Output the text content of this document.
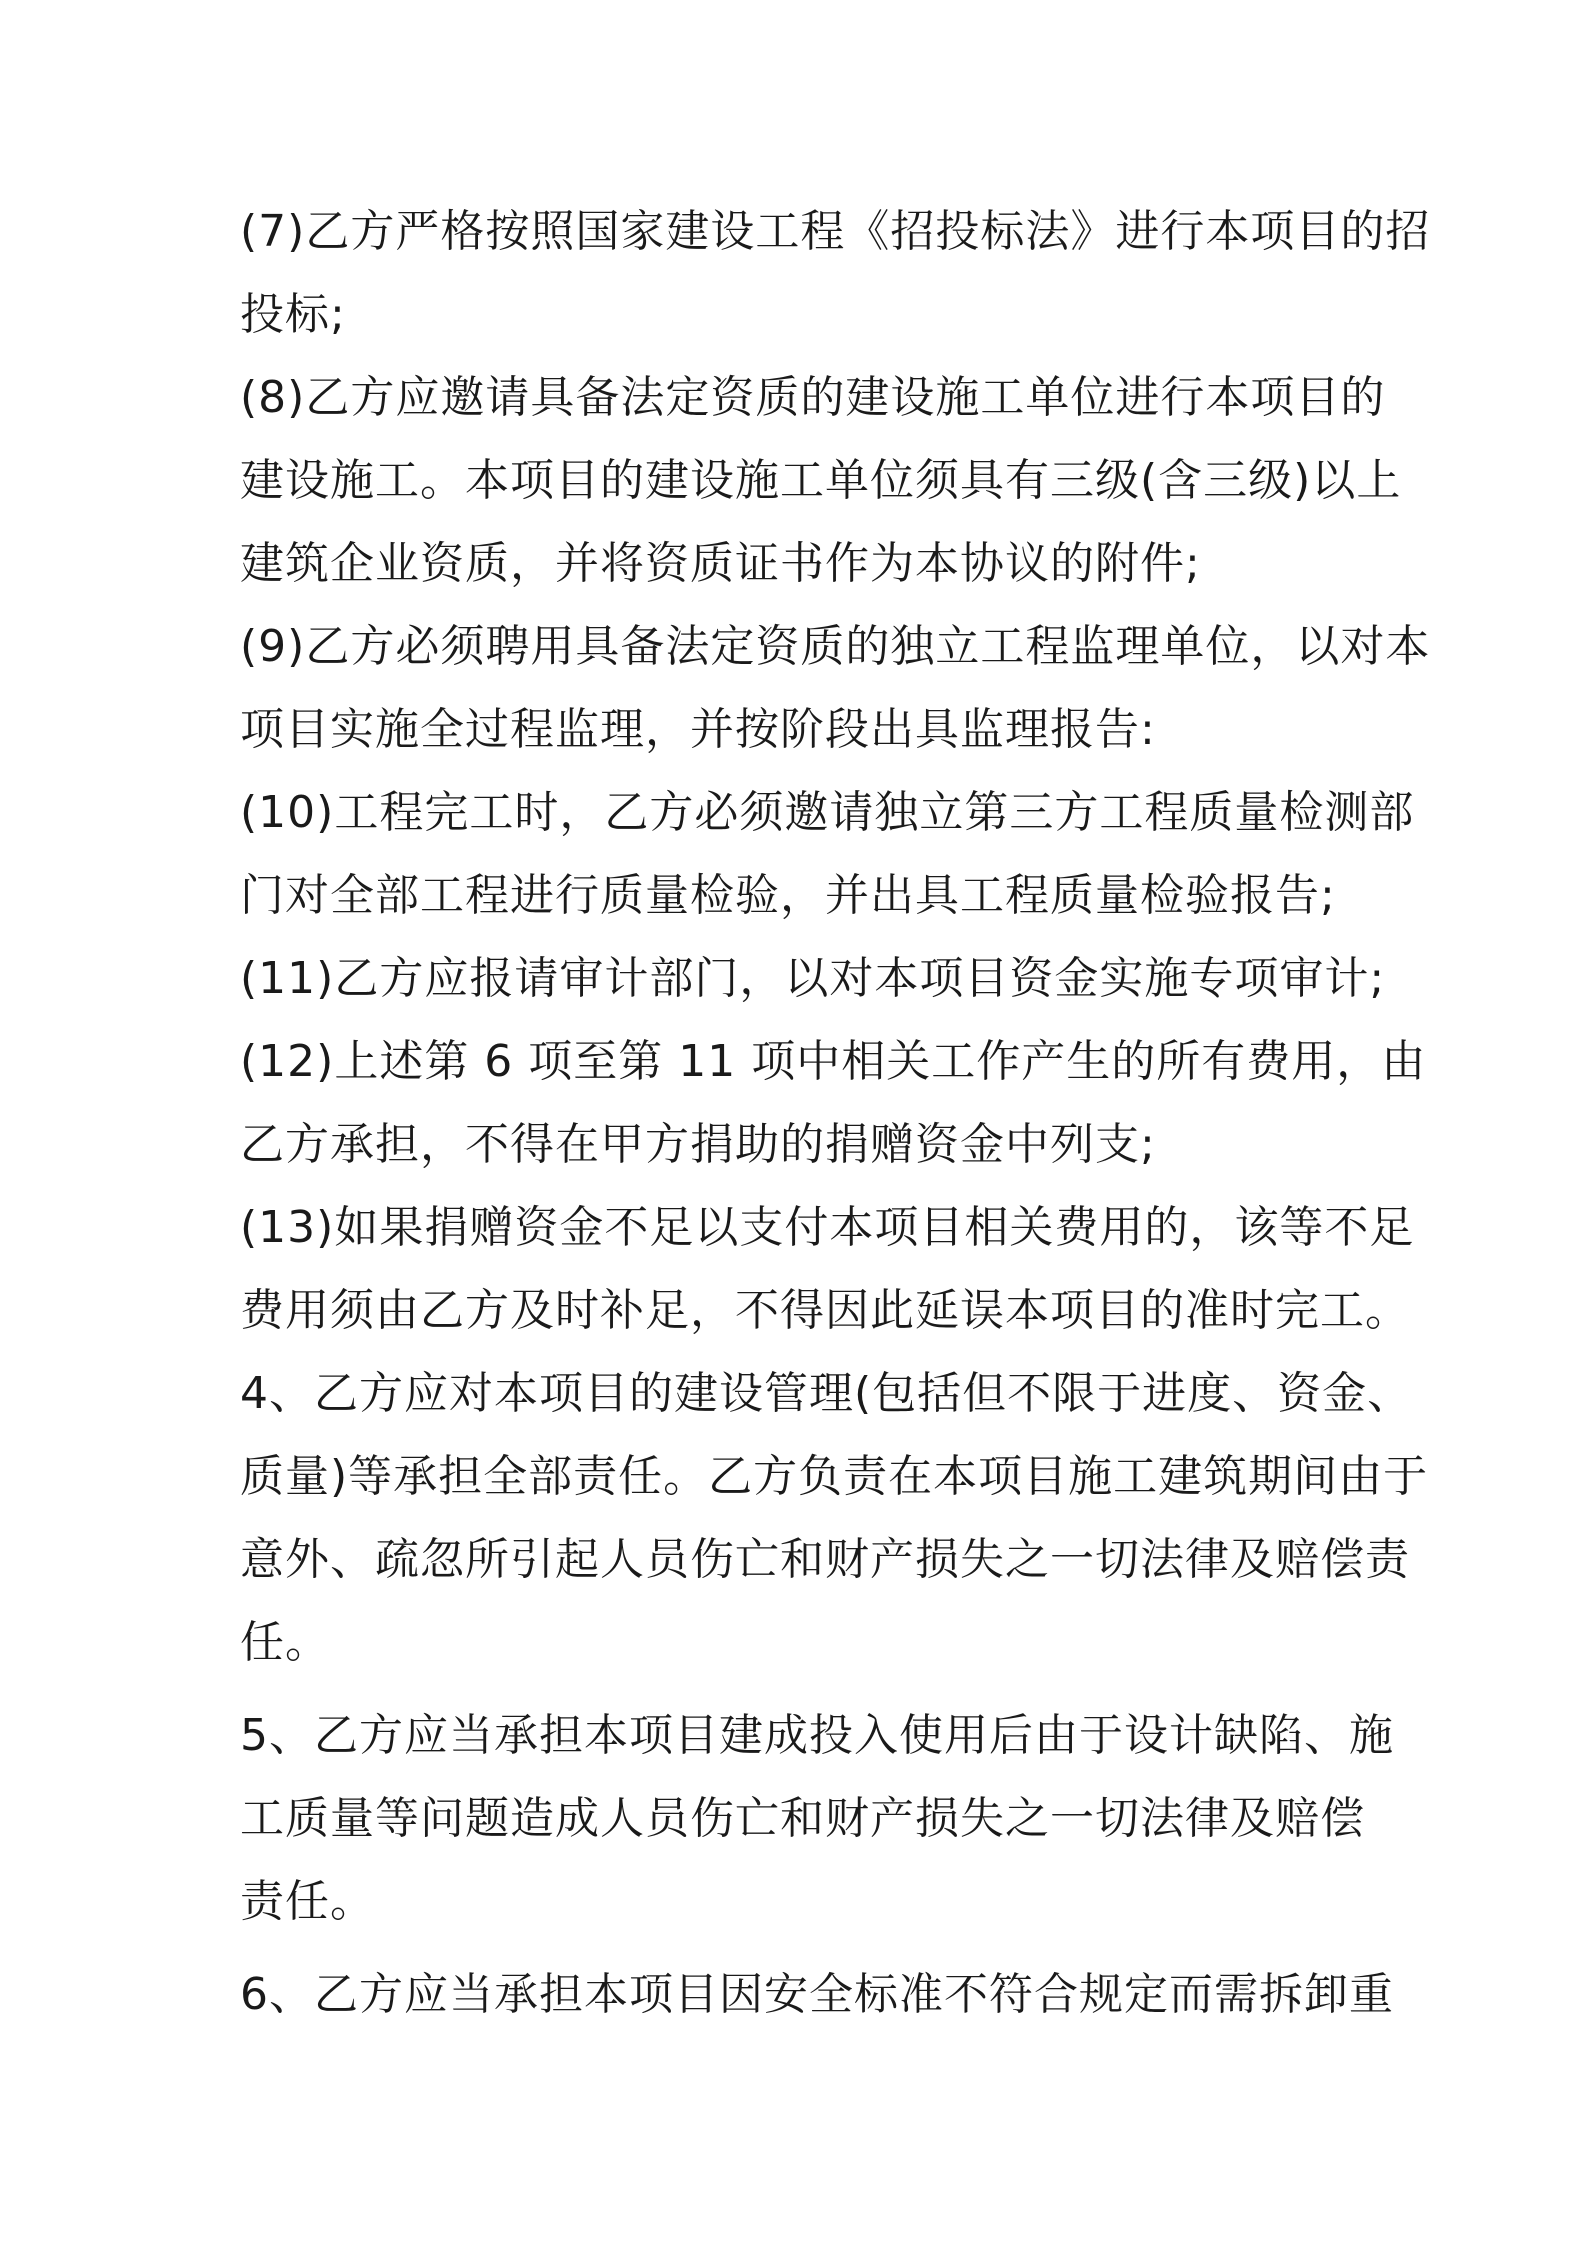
(7)乙方严格按照国家建设工程《招投标法》进行本项目的招
投标;
(8)乙方应邀请具备法定资质的建设施工单位进行本项目的
建设施工。本项目的建设施工单位须具有三级(含三级)以上
建筑企业资质，并将资质证书作为本协议的附件;
(9)乙方必须聘用具备法定资质的独立工程监理单位，以对本
项目实施全过程监理，并按阶段出具监理报告:
(10)工程完工时，乙方必须邀请独立第三方工程质量检测部
门对全部工程进行质量检验，并出具工程质量检验报告;
(11)乙方应报请审计部门，以对本项目资金实施专项审计;
(12)上述第 6 项至第 11 项中相关工作产生的所有费用，由
乙方承担，不得在甲方捐助的捐赠资金中列支;
(13)如果捐赠资金不足以支付本项目相关费用的，该等不足
费用须由乙方及时补足，不得因此延误本项目的准时完工。
4、乙方应对本项目的建设管理(包括但不限于进度、资金、
质量)等承担全部责任。乙方负责在本项目施工建筑期间由于
意外、疏忽所引起人员伤亡和财产损失之一切法律及赔偿责
任。
5、乙方应当承担本项目建成投入使用后由于设计缺陷、施
工质量等问题造成人员伤亡和财产损失之一切法律及赔偿
责任。
6、乙方应当承担本项目因安全标准不符合规定而需拆卸重
